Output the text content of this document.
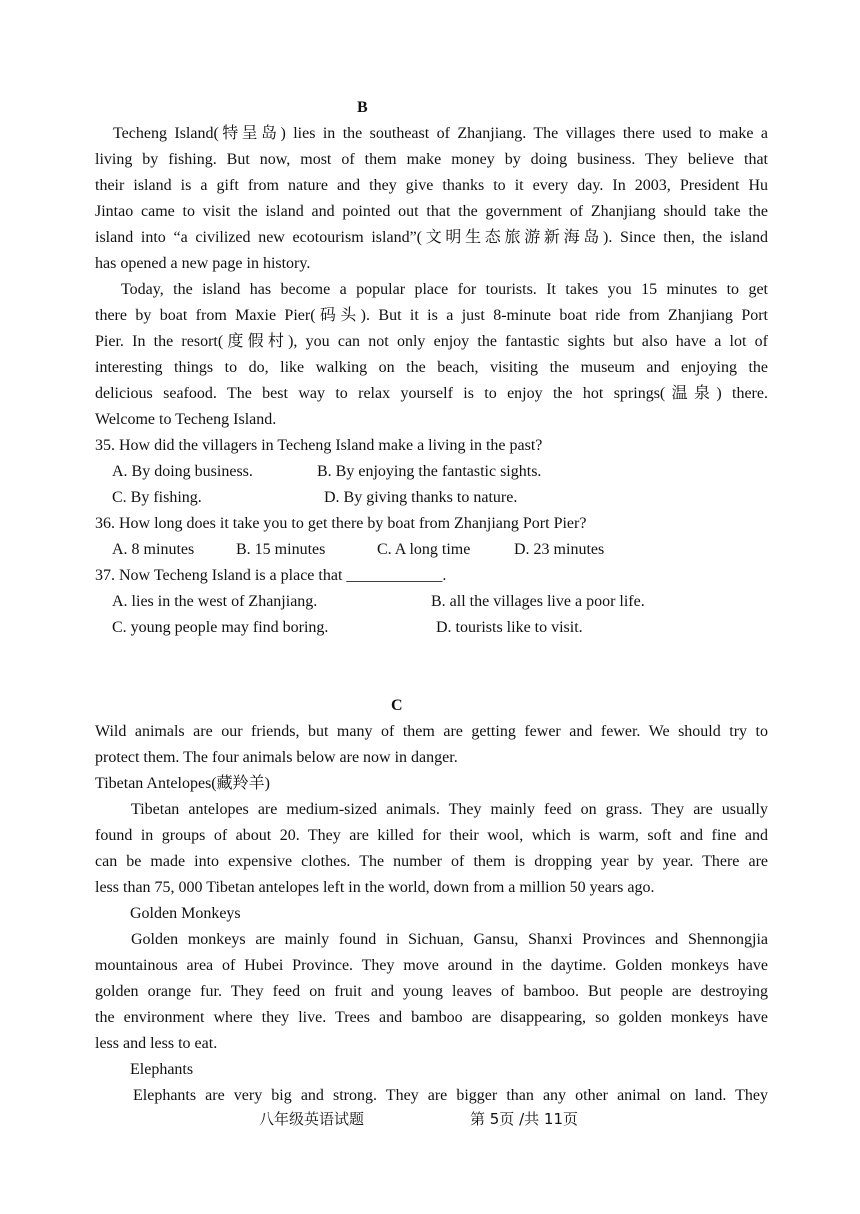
B
Techeng Island(特呈岛) lies in the southeast of Zhanjiang. The villages there used to make a
living by fishing. But now, most of them make money by doing business. They believe that
their island is a gift from nature and they give thanks to it every day. In 2003, President Hu
Jintao came to visit the island and pointed out that the government of Zhanjiang should take the
island into “a civilized new ecotourism island”(文明生态旅游新海岛). Since then, the island
has opened a new page in history.
Today, the island has become a popular place for tourists. It takes you 15 minutes to get
there by boat from Maxie Pier(码头). But it is a just 8-minute boat ride from Zhanjiang Port
Pier. In the resort(度假村), you can not only enjoy the fantastic sights but also have a lot of
interesting things to do, like walking on the beach, visiting the museum and enjoying the
delicious seafood. The best way to relax yourself is to enjoy the hot springs(温泉) there.
Welcome to Techeng Island.
35. How did the villagers in Techeng Island make a living in the past?
A. By doing business.	B. By enjoying the fantastic sights.
C. By fishing.	D. By giving thanks to nature.
36. How long does it take you to get there by boat from Zhanjiang Port Pier?
A. 8 minutes	B. 15 minutes	C. A long time	D. 23 minutes
37. Now Techeng Island is a place that ____________.
A. lies in the west of Zhanjiang.	B. all the villages live a poor life.
C. young people may find boring.	D. tourists like to visit.
C
Wild animals are our friends, but many of them are getting fewer and fewer. We should try to
protect them. The four animals below are now in danger.
Tibetan Antelopes(藏羚羊)
Tibetan antelopes are medium-sized animals. They mainly feed on grass. They are usually
found in groups of about 20. They are killed for their wool, which is warm, soft and fine and
can be made into expensive clothes. The number of them is dropping year by year. There are
less than 75, 000 Tibetan antelopes left in the world, down from a million 50 years ago.
Golden Monkeys
Golden monkeys are mainly found in Sichuan, Gansu, Shanxi Provinces and Shennongjia
mountainous area of Hubei Province. They move around in the daytime. Golden monkeys have
golden orange fur. They feed on fruit and young leaves of bamboo. But people are destroying
the environment where they live. Trees and bamboo are disappearing, so golden monkeys have
less and less to eat.
Elephants
Elephants are very big and strong. They are bigger than any other animal on land. They
八年级英语试题	第 5页 /共 11页
